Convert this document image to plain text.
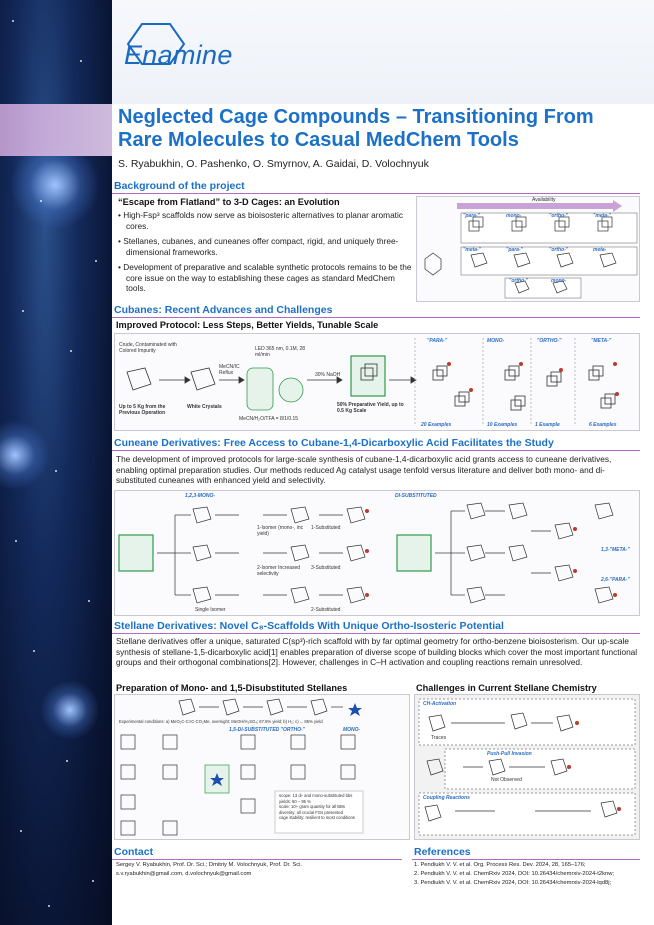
Enamine
Neglected Cage Compounds – Transitioning From Rare Molecules to Casual MedChem Tools
S. Ryabukhin, O. Pashenko, O. Smyrnov, A. Gaidai, D. Volochnyuk
Background of the project
“Escape from Flatland” to 3-D Cages: an Evolution
• High-Fsp³ scaffolds now serve as bioisosteric alternatives to planar aromatic cores.
• Stellanes, cubanes, and cuneanes offer compact, rigid, and uniquely three-dimensional frameworks.
• Development of preparative and scalable synthetic protocols remains to be the core issue on the way to establishing these cages as standard MedChem tools.
Availability
"para-"	mono-	"ortho-"	"meta-"
"meta-"	"para-"	"ortho-"	meta-
"ortho-"	mono-
Cubanes: Recent Advances and Challenges
Improved Protocol: Less Steps, Better Yields, Tunable Scale
Crude, Contaminated with Colored Impurity
Up to 5 Kg from the Previous Operation
White Crystals
MeCN/IC Reflux
LED 365 nm, 0.1M, 28 ml/min
MeCN/H₂O/TFA = 8/1/0.15
30% NaOH
50% Preparative Yield, up to 0.5 Kg Scale
"PARA-"	MONO-	"ORTHO-"	"META-"
20 Examples	10 Examples	1 Example	6 Examples
Cuneane Derivatives: Free Access to Cubane-1,4-Dicarboxylic Acid Facilitates the Study
The development of improved protocols for large-scale synthesis of cubane-1,4-dicarboxylic acid grants access to cuneane derivatives, enabling optimal preparation studies. Our methods reduced Ag catalyst usage tenfold versus literature and deliver both mono- and di-substituted cuneanes with enhanced yield and selectivity.
1,2,3-MONO-	DI-SUBSTITUTED
1,3-"META-"
2,6-"PARA-"
1-Isomer (mono-, inc yield)
2-Isomer Increased selectivity
Single Isomer
1-Substituted
3-Substituted
2-Substituted
Stellane Derivatives: Novel C₈-Scaffolds With Unique Ortho-Isosteric Potential
Stellane derivatives offer a unique, saturated C(sp³)-rich scaffold with by far optimal geometry for ortho-benzene bioisosterism. Our up-scale synthesis of stellane-1,5-dicarboxylic acid[1] enables preparation of diverse scope of building blocks which cover the most important functional groups and their orthogonal combinations[2]. However, challenges in C–H activation and coupling reactions remain unresolved.
Preparation of Mono- and 1,5-Disubstituted Stellanes	Challenges in Current Stellane Chemistry
Experimental conditions: a) MeO₂C-C≡C-CO₂Me, overnight; MeOH/H₂SO₄; 67.5% yield; b) H₂; c) ... 85% yield
1,5-DI-SUBSTITUTED "ORTHO-"	MONO-
scope: 13 di- and mono-substituted bbs
yields: 60 – 95 %
scale: 10+ gram quantity for all BBs
diversity: all crucial FGs presented
cage stability: resilient to most conditions
CH-Activation
Push-Pull Invasion
Coupling Reactions
Not Observed
Traces
Contact
Sergey V. Ryabukhin, Prof. Dr. Sci.; Dmitriy M. Volochnyuk, Prof. Dr. Sci.
s.v.ryabukhin@gmail.com, d.volochnyuk@gmail.com
References
1. Pendiukh V. V. et al. Org. Process Res. Dev. 2024, 28, 165–176;
2. Pendiukh V. V. et al. ChemRxiv 2024, DOI: 10.26434/chemrxiv-2024-t2knw;
3. Pendiukh V. V. et al. ChemRxiv 2024, DOI: 10.26434/chemrxiv-2024-lqd8j;
